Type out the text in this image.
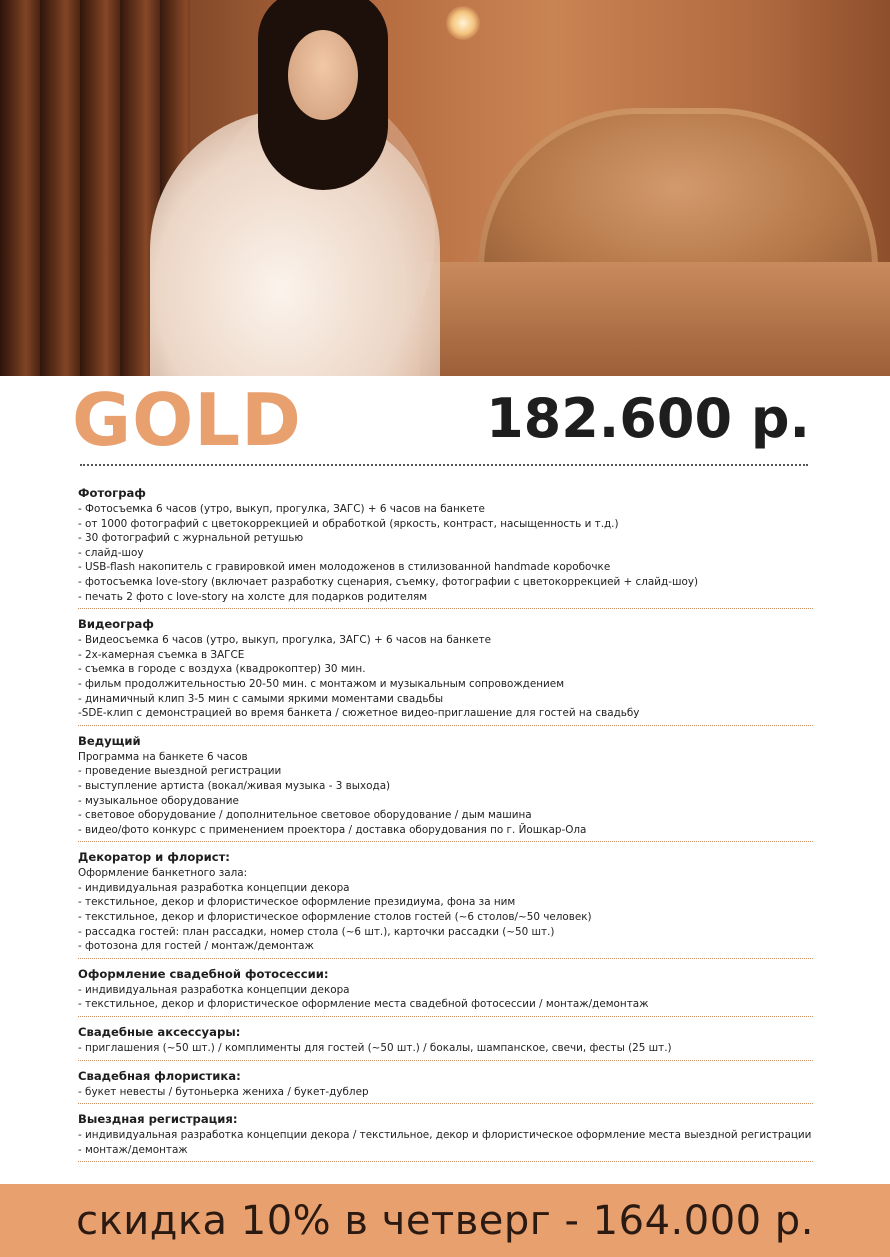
GOLD	182.600 р.
Фотограф
- Фотосъемка 6 часов (утро, выкуп, прогулка, ЗАГС) + 6 часов на банкете
- от 1000 фотографий с цветокоррекцией и обработкой (яркость, контраст, насыщенность и т.д.)
- 30 фотографий с журнальной ретушью
- слайд-шоу
- USB-flash накопитель с гравировкой имен молодоженов в стилизованной handmade коробочке
- фотосъемка love-story (включает разработку сценария, съемку, фотографии с цветокоррекцией + слайд-шоу)
- печать 2 фото с love-story на холсте для подарков родителям
Видеограф
- Видеосъемка 6 часов (утро, выкуп, прогулка, ЗАГС) + 6 часов на банкете
- 2х-камерная съемка в ЗАГСЕ
- съемка в городе с воздуха (квадрокоптер) 30 мин.
- фильм продолжительностью 20-50 мин. с монтажом и музыкальным сопровождением
- динамичный клип 3-5 мин с самыми яркими моментами свадьбы
-SDE-клип с демонстрацией во время банкета / сюжетное видео-приглашение для гостей на свадьбу
Ведущий
Программа на банкете 6 часов
- проведение выездной регистрации
- выступление артиста (вокал/живая музыка - 3 выхода)
- музыкальное оборудование
- световое оборудование / дополнительное световое оборудование / дым машина
- видео/фото конкурс с применением проектора / доставка оборудования по г. Йошкар-Ола
Декоратор и флорист:
Оформление банкетного зала:
- индивидуальная разработка концепции декора
- текстильное, декор и флористическое оформление президиума, фона за ним
- текстильное, декор и флористическое оформление столов гостей (~6 столов/~50 человек)
- рассадка гостей: план рассадки, номер стола (~6 шт.), карточки рассадки (~50 шт.)
- фотозона для гостей / монтаж/демонтаж
Оформление свадебной фотосессии:
- индивидуальная разработка концепции декора
- текстильное, декор и флористическое оформление места свадебной фотосессии / монтаж/демонтаж
Свадебные аксессуары:
- приглашения (~50 шт.) / комплименты для гостей (~50 шт.) / бокалы, шампанское, свечи, фесты (25 шт.)
Свадебная флористика:
- букет невесты / бутоньерка жениха / букет-дублер
Выездная регистрация:
- индивидуальная разработка концепции декора / текстильное, декор и флористическое оформление места выездной регистрации
- монтаж/демонтаж
скидка 10% в четверг - 164.000 р.
